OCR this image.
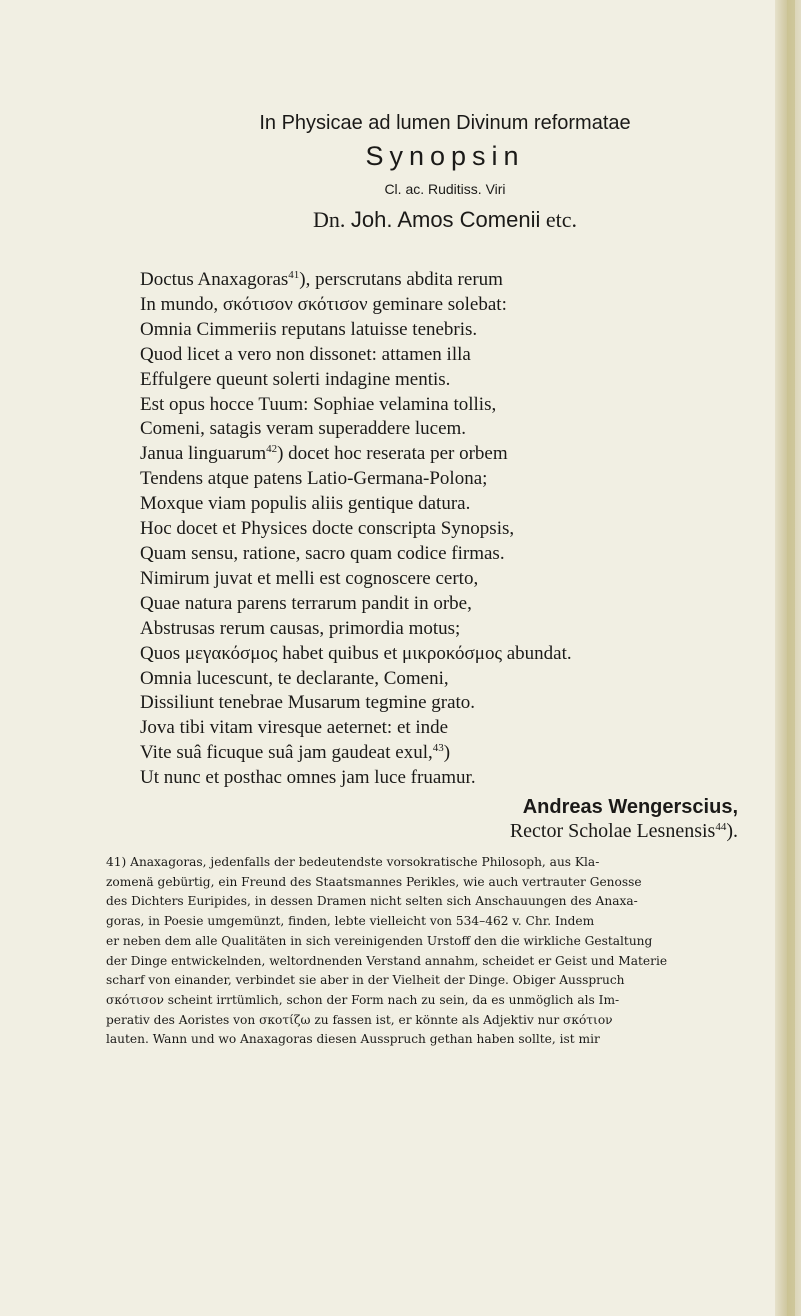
In Physicae ad lumen Divinum reformatae
Synopsin
Cl. ac. Ruditiss. Viri
Dn. Joh. Amos Comenii etc.
Doctus Anaxagoras$^{41}$), perscrutans abdita rerum
In mundo, σκότισον σκότισον geminare solebat:
Omnia Cimmeriis reputans latuisse tenebris.
Quod licet a vero non dissonet: attamen illa
Effulgere queunt solerti indagine mentis.
Est opus hocce Tuum: Sophiae velamina tollis,
Comeni, satagis veram superaddere lucem.
Janua linguarum$^{42}$) docet hoc reserata per orbem
Tendens atque patens Latio-Germana-Polona;
Moxque viam populis aliis gentique datura.
Hoc docet et Physices docte conscripta Synopsis,
Quam sensu, ratione, sacro quam codice firmas.
Nimirum juvat et melli est cognoscere certo,
Quae natura parens terrarum pandit in orbe,
Abstrusas rerum causas, primordia motus;
Quos μεγακόσμος habet quibus et μικροκόσμος abundat.
Omnia lucescunt, te declarante, Comeni,
Dissiliunt tenebrae Musarum tegmine grato.
Jova tibi vitam viresque aeternet: et inde
Vite suâ ficuque suâ jam gaudeat exul,$^{43}$)
Ut nunc et posthac omnes jam luce fruamur.
Andreas Wengerscius,
Rector Scholae Lesnensis$^{44}$).
41) Anaxagoras, jedenfalls der bedeutendste vorsokratische Philosoph, aus Kla-
zomenä gebürtig, ein Freund des Staatsmannes Perikles, wie auch vertrauter Genosse
des Dichters Euripides, in dessen Dramen nicht selten sich Anschauungen des Anaxa-
goras, in Poesie umgemünzt, finden, lebte vielleicht von 534–462 v. Chr. Indem
er neben dem alle Qualitäten in sich vereinigenden Urstoff den die wirkliche Gestaltung
der Dinge entwickelnden, weltordnenden Verstand annahm, scheidet er Geist und Materie
scharf von einander, verbindet sie aber in der Vielheit der Dinge. Obiger Ausspruch
σκότισον scheint irrtümlich, schon der Form nach zu sein, da es unmöglich als Im-
perativ des Aoristes von σκοτίζω zu fassen ist, er könnte als Adjektiv nur σκότιον
lauten. Wann und wo Anaxagoras diesen Ausspruch gethan haben sollte, ist mir
